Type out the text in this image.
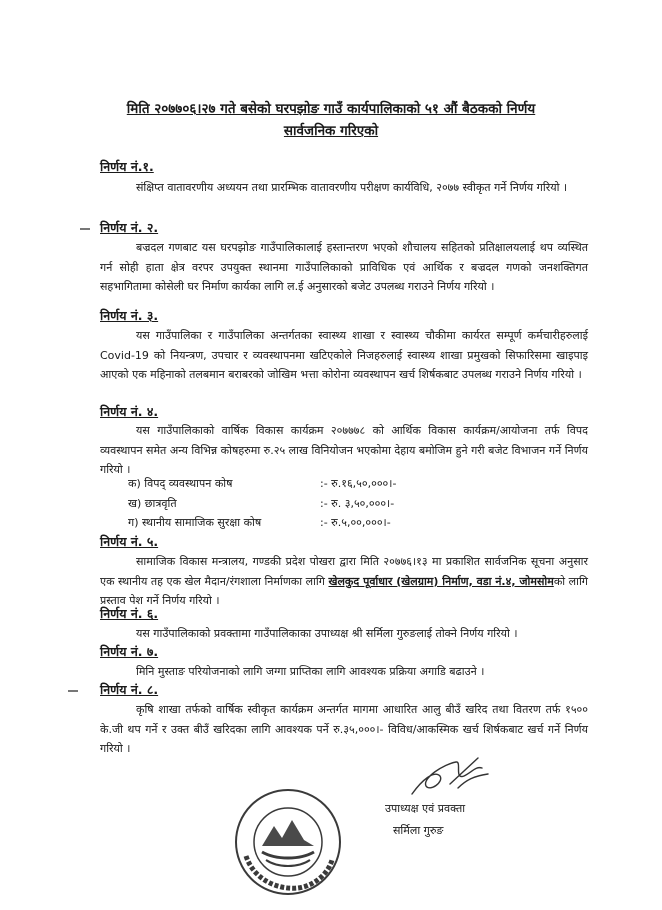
मिति २०७७०६।२७ गते बसेको घरपझोङ गाउँ कार्यपालिकाको ५१ औं बैठकको निर्णय
सार्वजनिक गरिएको
निर्णय नं.१.
संक्षिप्त वातावरणीय अध्ययन तथा प्रारम्भिक वातावरणीय परीक्षण कार्यविधि, २०७७ स्वीकृत गर्ने निर्णय गरियो ।
निर्णय नं. २.
बज्रदल गणबाट यस घरपझोङ गाउँपालिकालाई हस्तान्तरण भएको शौचालय सहितको प्रतिक्षालयलाई थप व्यस्थित गर्न सोही हाता क्षेत्र वरपर उपयुक्त स्थानमा गाउँपालिकाको प्राविधिक एवं आर्थिक र बज्रदल गणको जनशक्तिगत सहभागितामा कोसेली घर निर्माण कार्यका लागि ल.ई अनुसारको बजेट उपलब्ध गराउने निर्णय गरियो ।
निर्णय नं. ३.
यस गाउँपालिका र गाउँपालिका अन्तर्गतका स्वास्थ्य शाखा र स्वास्थ्य चौकीमा कार्यरत सम्पूर्ण कर्मचारीहरुलाई Covid-19 को नियन्त्रण, उपचार र व्यवस्थापनमा खटिएकोले निजहरुलाई स्वास्थ्य शाखा प्रमुखको सिफारिसमा खाइपाइ आएको एक महिनाको तलबमान बराबरको जोखिम भत्ता कोरोना व्यवस्थापन खर्च शिर्षकबाट उपलब्ध गराउने निर्णय गरियो ।
निर्णय नं. ४.
यस गाउँपालिकाको वार्षिक विकास कार्यक्रम २०७७७८ को आर्थिक विकास कार्यक्रम/आयोजना तर्फ विपद व्यवस्थापन समेत अन्य विभिन्न कोषहरुमा रु.२५ लाख विनियोजन भएकोमा देहाय बमोजिम हुने गरी बजेट विभाजन गर्ने निर्णय गरियो ।
क) विपद् व्यवस्थापन कोष	:- रु.१६,५०,०००।-
ख) छात्रवृति	:- रु. ३,५०,०००।-
ग) स्थानीय सामाजिक सुरक्षा कोष	:- रु.५,००,०००।-
निर्णय नं. ५.
सामाजिक विकास मन्त्रालय, गण्डकी प्रदेश पोखरा द्वारा मिति २०७७६।१३ मा प्रकाशित सार्वजनिक सूचना अनुसार एक स्थानीय तह एक खेल मैदान/रंगशाला निर्माणका लागि खेलकुद पूर्वाधार (खेलग्राम) निर्माण, वडा नं.४, जोमसोमको लागि प्रस्ताव पेश गर्ने निर्णय गरियो ।
निर्णय नं. ६.
यस गाउँपालिकाको प्रवक्तामा गाउँपालिकाका उपाध्यक्ष श्री सर्मिला गुरुङलाई तोक्ने निर्णय गरियो ।
निर्णय नं. ७.
मिनि मुस्ताङ परियोजनाको लागि जग्गा प्राप्तिका लागि आवश्यक प्रक्रिया अगाडि बढाउने ।
निर्णय नं. ८.
कृषि शाखा तर्फको वार्षिक स्वीकृत कार्यक्रम अन्तर्गत मागमा आधारित आलु बीउँ खरिद तथा वितरण तर्फ १५०० के.जी थप गर्ने र उक्त बीउँ खरिदका लागि आवश्यक पर्ने रु.३५,०००।- विविध/आकस्मिक खर्च शिर्षकबाट खर्च गर्ने निर्णय गरियो ।
उपाध्यक्ष एवं प्रवक्ता
सर्मिला गुरुङ
